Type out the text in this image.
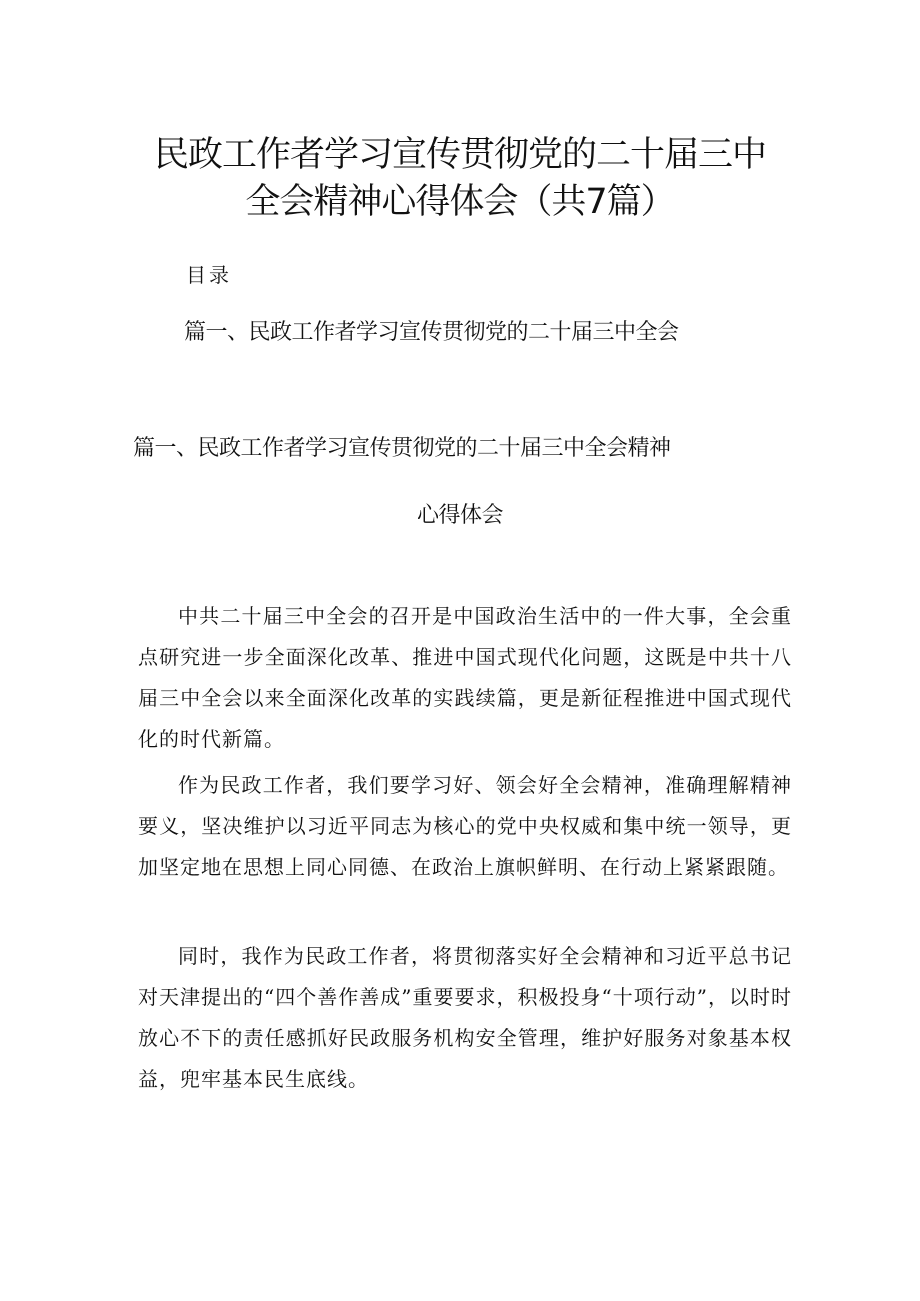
民政工作者学习宣传贯彻党的二十届三中
全会精神心得体会（共7篇）
目录
篇一、民政工作者学习宣传贯彻党的二十届三中全会
篇一、民政工作者学习宣传贯彻党的二十届三中全会精神
心得体会

中共二十届三中全会的召开是中国政治生活中的一件大事，全会重点研究进一步全面深化改革、推进中国式现代化问题，这既是中共十八届三中全会以来全面深化改革的实践续篇，更是新征程推进中国式现代化的时代新篇。

作为民政工作者，我们要学习好、领会好全会精神，准确理解精神要义，坚决维护以习近平同志为核心的党中央权威和集中统一领导，更加坚定地在思想上同心同德、在政治上旗帜鲜明、在行动上紧紧跟随。

同时，我作为民政工作者，将贯彻落实好全会精神和习近平总书记对天津提出的“四个善作善成”重要要求，积极投身“十项行动”，以时时放心不下的责任感抓好民政服务机构安全管理，维护好服务对象基本权益，兜牢基本民生底线。
